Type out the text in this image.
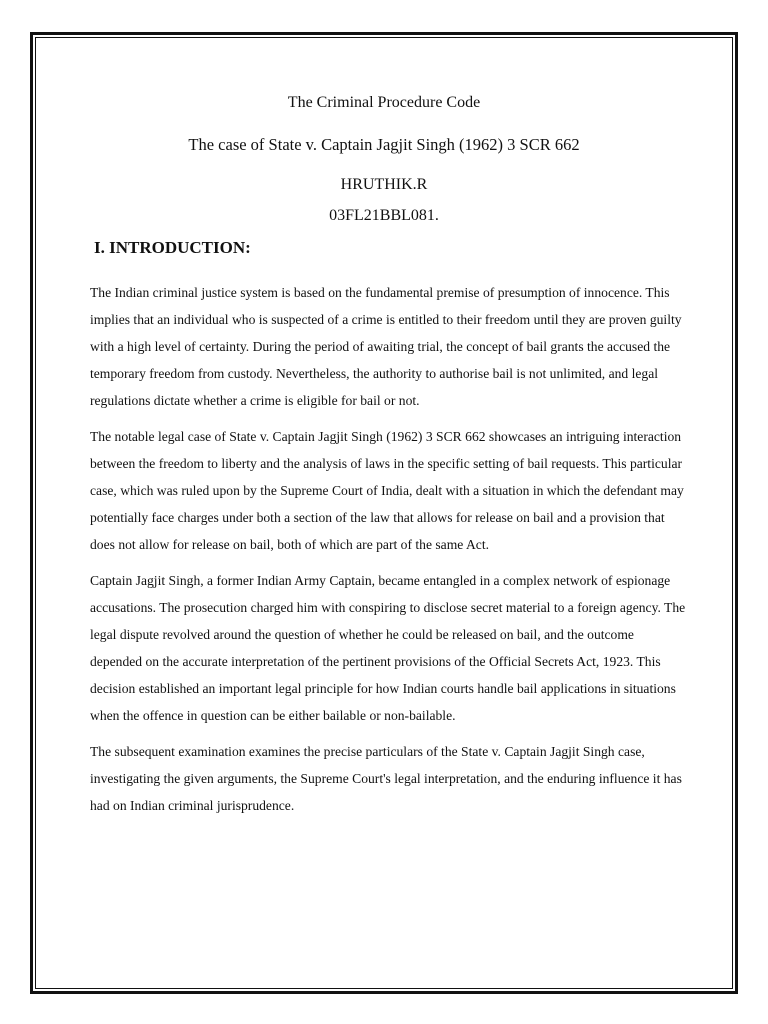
The Criminal Procedure Code
The case of State v. Captain Jagjit Singh (1962) 3 SCR 662
HRUTHIK.R
03FL21BBL081.
I. INTRODUCTION:

The Indian criminal justice system is based on the fundamental premise of presumption of innocence. This implies that an individual who is suspected of a crime is entitled to their freedom until they are proven guilty with a high level of certainty. During the period of awaiting trial, the concept of bail grants the accused the temporary freedom from custody. Nevertheless, the authority to authorise bail is not unlimited, and legal regulations dictate whether a crime is eligible for bail or not.

The notable legal case of State v. Captain Jagjit Singh (1962) 3 SCR 662 showcases an intriguing interaction between the freedom to liberty and the analysis of laws in the specific setting of bail requests. This particular case, which was ruled upon by the Supreme Court of India, dealt with a situation in which the defendant may potentially face charges under both a section of the law that allows for release on bail and a provision that does not allow for release on bail, both of which are part of the same Act.

Captain Jagjit Singh, a former Indian Army Captain, became entangled in a complex network of espionage accusations. The prosecution charged him with conspiring to disclose secret material to a foreign agency. The legal dispute revolved around the question of whether he could be released on bail, and the outcome depended on the accurate interpretation of the pertinent provisions of the Official Secrets Act, 1923. This decision established an important legal principle for how Indian courts handle bail applications in situations when the offence in question can be either bailable or non-bailable.

The subsequent examination examines the precise particulars of the State v. Captain Jagjit Singh case, investigating the given arguments, the Supreme Court's legal interpretation, and the enduring influence it has had on Indian criminal jurisprudence.
